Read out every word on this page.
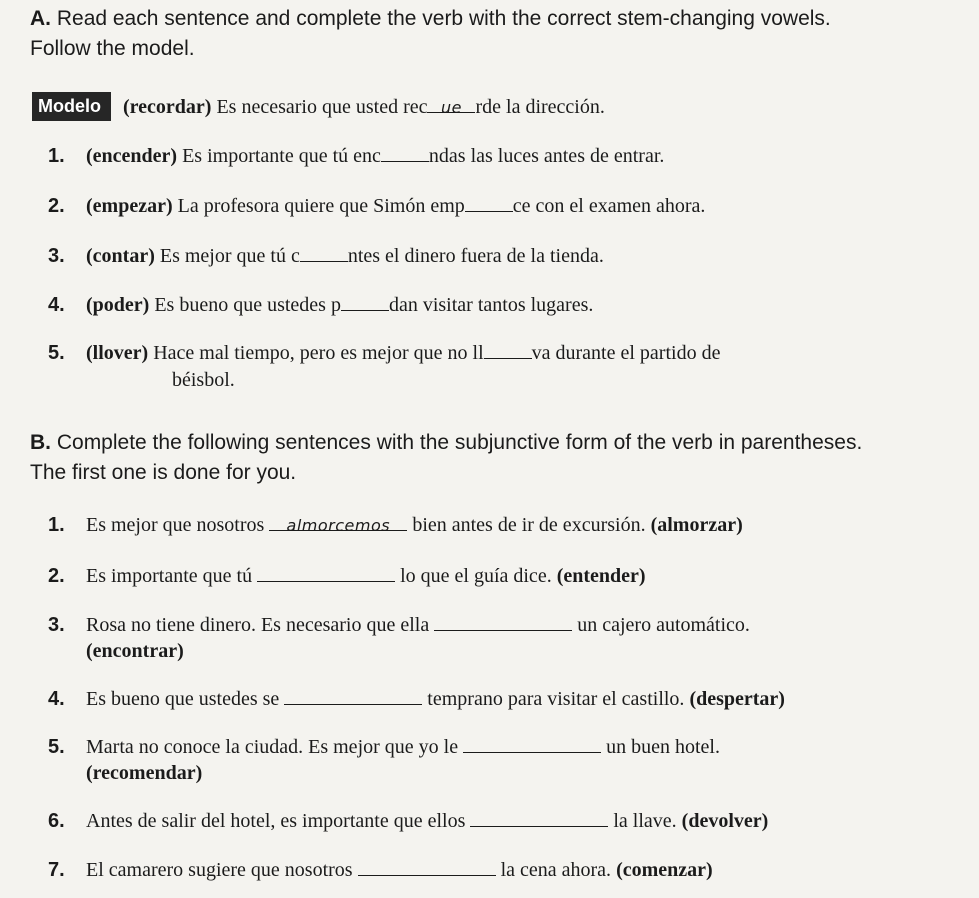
A. Read each sentence and complete the verb with the correct stem-changing vowels.
Follow the model.
Modelo (recordar) Es necesario que usted rec ue rde la dirección.
1. (encender) Es importante que tú enc ndas las luces antes de entrar.
2. (empezar) La profesora quiere que Simón emp ce con el examen ahora.
3. (contar) Es mejor que tú c ntes el dinero fuera de la tienda.
4. (poder) Es bueno que ustedes p dan visitar tantos lugares.
5. (llover) Hace mal tiempo, pero es mejor que no ll va durante el partido de
béisbol.
B. Complete the following sentences with the subjunctive form of the verb in parentheses.
The first one is done for you.
1. Es mejor que nosotros almorcemos bien antes de ir de excursión. (almorzar)
2. Es importante que tú	lo que el guía dice. (entender)
3. Rosa no tiene dinero. Es necesario que ella	un cajero automático.
(encontrar)
4. Es bueno que ustedes se	temprano para visitar el castillo. (despertar)
5. Marta no conoce la ciudad. Es mejor que yo le	un buen hotel.
(recomendar)
6. Antes de salir del hotel, es importante que ellos	la llave. (devolver)
7. El camarero sugiere que nosotros	la cena ahora. (comenzar)
